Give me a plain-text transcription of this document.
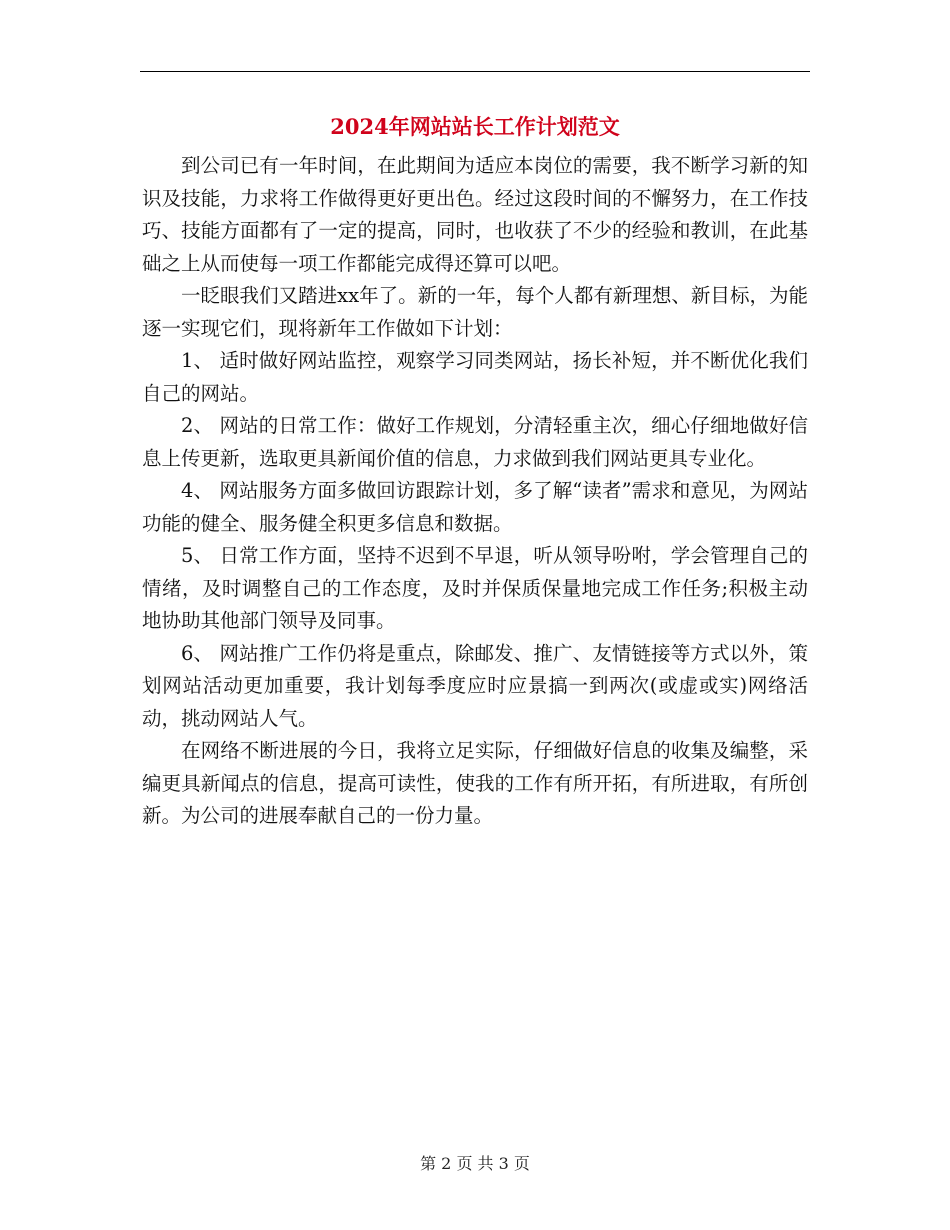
2024年网站站长工作计划范文

到公司已有一年时间，在此期间为适应本岗位的需要，我不断学习新的知识及技能，力求将工作做得更好更出色。经过这段时间的不懈努力，在工作技巧、技能方面都有了一定的提高，同时，也收获了不少的经验和教训，在此基础之上从而使每一项工作都能完成得还算可以吧。

一眨眼我们又踏进xx年了。新的一年，每个人都有新理想、新目标，为能逐一实现它们，现将新年工作做如下计划：

1、 适时做好网站监控，观察学习同类网站，扬长补短，并不断优化我们自己的网站。

2、 网站的日常工作：做好工作规划，分清轻重主次，细心仔细地做好信息上传更新，选取更具新闻价值的信息，力求做到我们网站更具专业化。

4、 网站服务方面多做回访跟踪计划，多了解“读者”需求和意见，为网站功能的健全、服务健全积更多信息和数据。

5、 日常工作方面，坚持不迟到不早退，听从领导吩咐，学会管理自己的情绪，及时调整自己的工作态度，及时并保质保量地完成工作任务;积极主动地协助其他部门领导及同事。

6、 网站推广工作仍将是重点，除邮发、推广、友情链接等方式以外，策划网站活动更加重要，我计划每季度应时应景搞一到两次(或虚或实)网络活动，挑动网站人气。

在网络不断进展的今日，我将立足实际，仔细做好信息的收集及编整，采编更具新闻点的信息，提高可读性，使我的工作有所开拓，有所进取，有所创新。为公司的进展奉献自己的一份力量。

第 2 页 共 3 页
